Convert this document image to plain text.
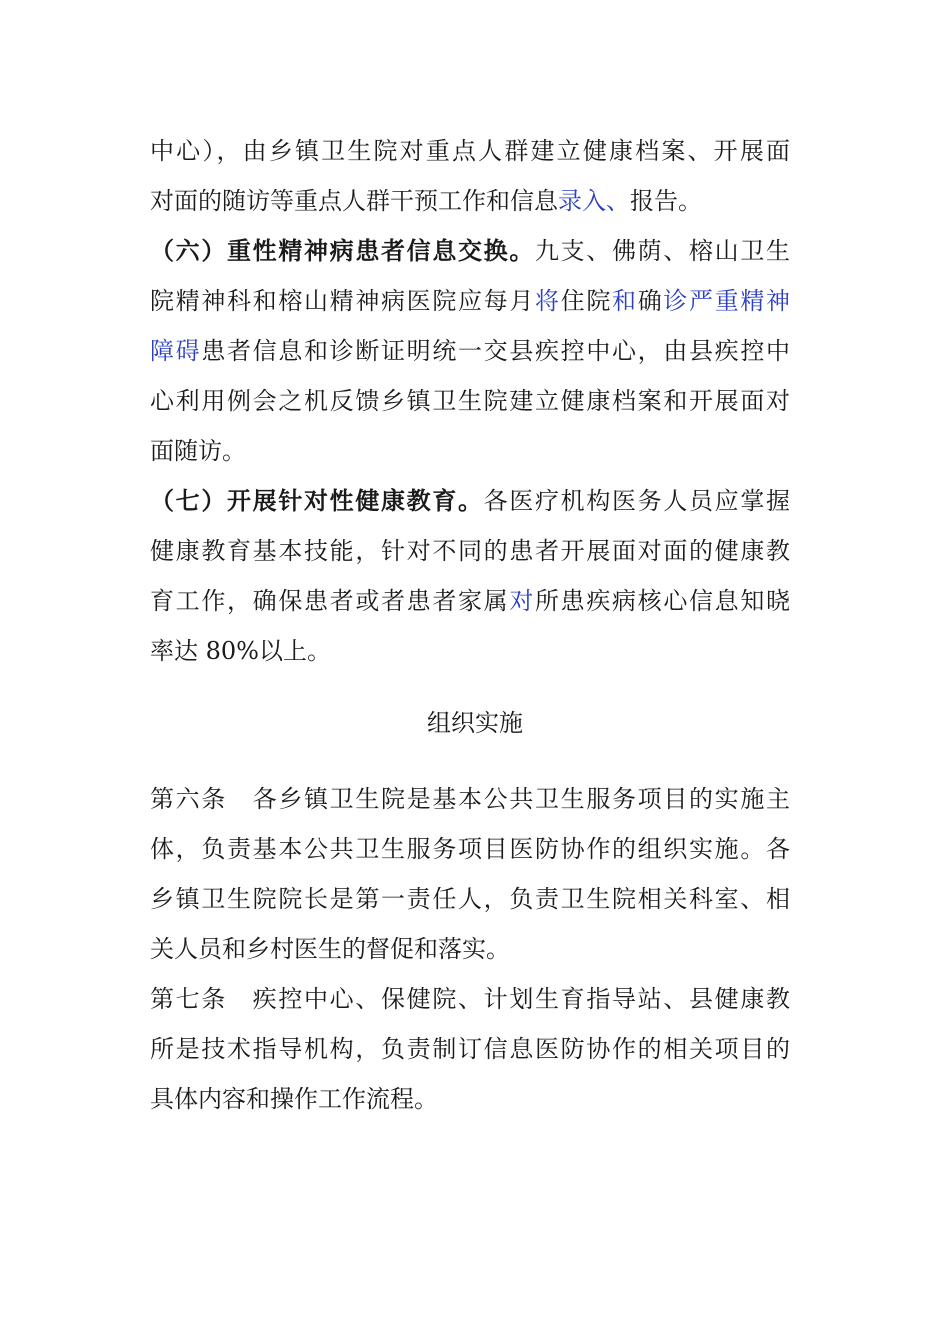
中心），由乡镇卫生院对重点人群建立健康档案、开展面
对面的随访等重点人群干预工作和信息录入、报告。
（六）重性精神病患者信息交换。九支、佛荫、榕山卫生
院精神科和榕山精神病医院应每月将住院和确诊严重精神
障碍患者信息和诊断证明统一交县疾控中心，由县疾控中
心利用例会之机反馈乡镇卫生院建立健康档案和开展面对
面随访。
（七）开展针对性健康教育。各医疗机构医务人员应掌握
健康教育基本技能，针对不同的患者开展面对面的健康教
育工作，确保患者或者患者家属对所患疾病核心信息知晓
率达 80%以上。
组织实施
第六条　各乡镇卫生院是基本公共卫生服务项目的实施主
体，负责基本公共卫生服务项目医防协作的组织实施。各
乡镇卫生院院长是第一责任人，负责卫生院相关科室、相
关人员和乡村医生的督促和落实。
第七条　疾控中心、保健院、计划生育指导站、县健康教
所是技术指导机构，负责制订信息医防协作的相关项目的
具体内容和操作工作流程。
